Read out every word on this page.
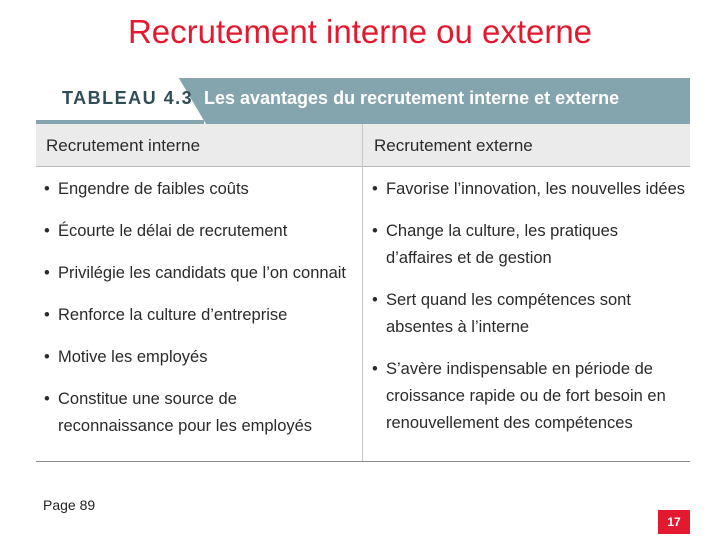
Recrutement interne ou externe
TABLEAU 4.3 Les avantages du recrutement interne et externe
Recrutement interne	Recrutement externe
• Engendre de faibles coûts
• Écourte le délai de recrutement
• Privilégie les candidats que l’on connait
• Renforce la culture d’entreprise
• Motive les employés
• Constitue une source de reconnaissance pour les employés
• Favorise l’innovation, les nouvelles idées
• Change la culture, les pratiques d’affaires et de gestion
• Sert quand les compétences sont absentes à l’interne
• S’avère indispensable en période de croissance rapide ou de fort besoin en renouvellement des compétences
Page 89
17
